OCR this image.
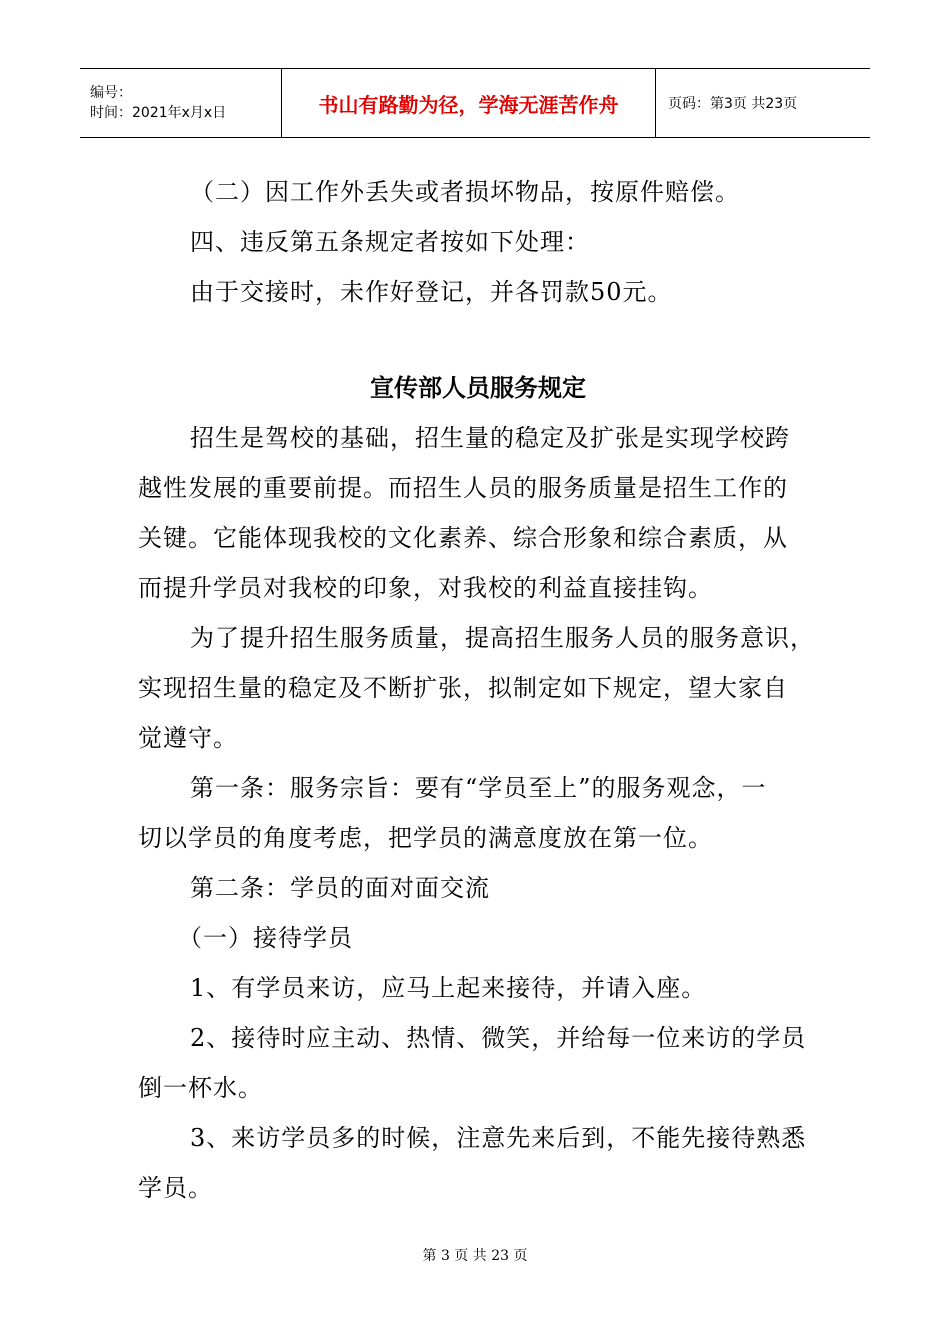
编号：
时间：2021年x月x日	书山有路勤为径，学海无涯苦作舟	页码：第3页 共23页
（二）因工作外丢失或者损坏物品，按原件赔偿。
四、违反第五条规定者按如下处理：
由于交接时，未作好登记，并各罚款50元。
宣传部人员服务规定
招生是驾校的基础，招生量的稳定及扩张是实现学校跨
越性发展的重要前提。而招生人员的服务质量是招生工作的
关键。它能体现我校的文化素养、综合形象和综合素质，从
而提升学员对我校的印象，对我校的利益直接挂钩。
为了提升招生服务质量，提高招生服务人员的服务意识，
实现招生量的稳定及不断扩张，拟制定如下规定，望大家自
觉遵守。
第一条：服务宗旨：要有“学员至上”的服务观念，一
切以学员的角度考虑，把学员的满意度放在第一位。
第二条：学员的面对面交流
（一）接待学员
1、有学员来访，应马上起来接待，并请入座。
2、接待时应主动、热情、微笑，并给每一位来访的学员
倒一杯水。
3、来访学员多的时候，注意先来后到，不能先接待熟悉
学员。
第 3 页 共 23 页
